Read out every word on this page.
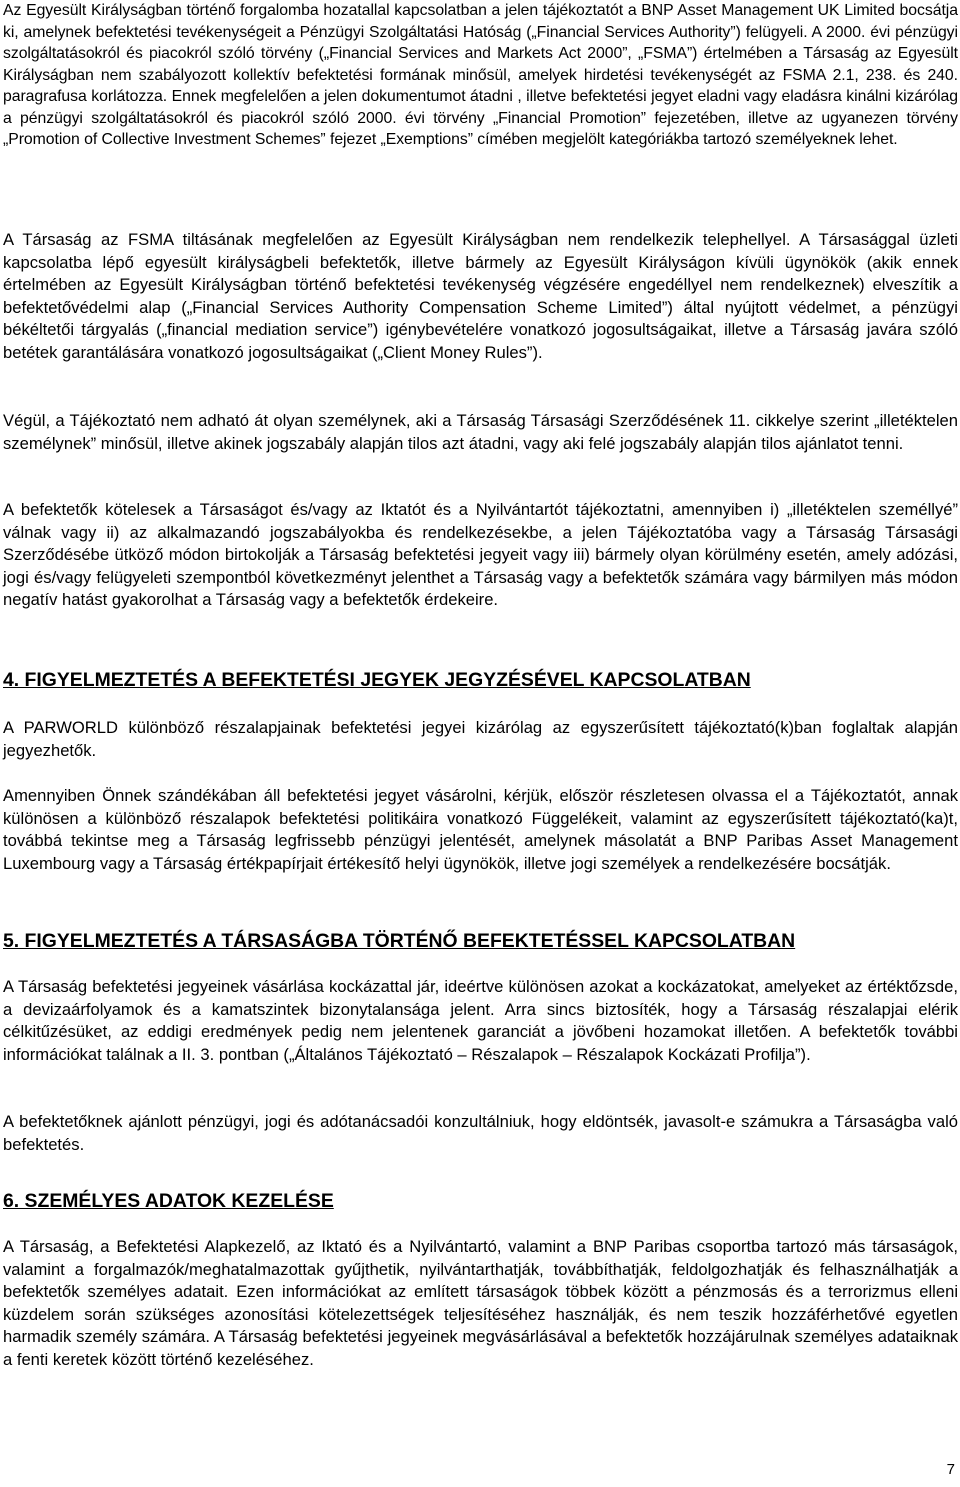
Az Egyesült Királyságban történő forgalomba hozatallal kapcsolatban a jelen tájékoztatót a BNP Asset Management UK Limited bocsátja ki, amelynek befektetési tevékenységeit a Pénzügyi Szolgáltatási Hatóság („Financial Services Authority”) felügyeli. A 2000. évi pénzügyi szolgáltatásokról és piacokról szóló törvény („Financial Services and Markets Act 2000”, „FSMA”) értelmében a Társaság az Egyesült Királyságban nem szabályozott kollektív befektetési formának minősül, amelyek hirdetési tevékenységét az FSMA 2.1, 238. és 240. paragrafusa korlátozza. Ennek megfelelően a jelen dokumentumot átadni , illetve befektetési jegyet eladni vagy eladásra kinálni kizárólag a pénzügyi szolgáltatásokról és piacokról szóló 2000. évi törvény „Financial Promotion” fejezetében, illetve az ugyanezen törvény „Promotion of Collective Investment Schemes” fejezet „Exemptions” címében megjelölt kategóriákba tartozó személyeknek lehet.

A Társaság az FSMA tiltásának megfelelően az Egyesült Királyságban nem rendelkezik telephellyel. A Társasággal üzleti kapcsolatba lépő egyesült királyságbeli befektetők, illetve bármely az Egyesült Királyságon kívüli ügynökök (akik ennek értelmében az Egyesült Királyságban történő befektetési tevékenység végzésére engedéllyel nem rendelkeznek) elveszítik a befektetővédelmi alap („Financial Services Authority Compensation Scheme Limited”) által nyújtott védelmet, a pénzügyi békéltetői tárgyalás („financial mediation service”) igénybevételére vonatkozó jogosultságaikat, illetve a Társaság javára szóló betétek garantálására vonatkozó jogosultságaikat („Client Money Rules”).

Végül, a Tájékoztató nem adható át olyan személynek, aki a Társaság Társasági Szerződésének 11. cikkelye szerint „illetéktelen személynek” minősül, illetve akinek jogszabály alapján tilos azt átadni, vagy aki felé jogszabály alapján tilos ajánlatot tenni.

A befektetők kötelesek a Társaságot és/vagy az Iktatót és a Nyilvántartót tájékoztatni, amennyiben i) „illetéktelen személlyé” válnak vagy ii) az alkalmazandó jogszabályokba és rendelkezésekbe, a jelen Tájékoztatóba vagy a Társaság Társasági Szerződésébe ütköző módon birtokolják a Társaság befektetési jegyeit vagy iii) bármely olyan körülmény esetén, amely adózási, jogi és/vagy felügyeleti szempontból következményt jelenthet a Társaság vagy a befektetők számára vagy bármilyen más módon negatív hatást gyakorolhat a Társaság vagy a befektetők érdekeire.

4. FIGYELMEZTETÉS A BEFEKTETÉSI JEGYEK JEGYZÉSÉVEL KAPCSOLATBAN

A PARWORLD különböző részalapjainak befektetési jegyei kizárólag az egyszerűsített tájékoztató(k)ban foglaltak alapján jegyezhetők.

Amennyiben Önnek szándékában áll befektetési jegyet vásárolni, kérjük, először részletesen olvassa el a Tájékoztatót, annak különösen a különböző részalapok befektetési politikáira vonatkozó Függelékeit, valamint az egyszerűsített tájékoztató(ka)t, továbbá tekintse meg a Társaság legfrissebb pénzügyi jelentését, amelynek másolatát a BNP Paribas Asset Management Luxembourg vagy a Társaság értékpapírjait értékesítő helyi ügynökök, illetve jogi személyek a rendelkezésére bocsátják.

5. FIGYELMEZTETÉS A TÁRSASÁGBA TÖRTÉNŐ BEFEKTETÉSSEL KAPCSOLATBAN

A Társaság befektetési jegyeinek vásárlása kockázattal jár, ideértve különösen azokat a kockázatokat, amelyeket az értéktőzsde, a devizaárfolyamok és a kamatszintek bizonytalansága jelent. Arra sincs biztosíték, hogy a Társaság részalapjai elérik célkitűzésüket, az eddigi eredmények pedig nem jelentenek garanciát a jövőbeni hozamokat illetően. A befektetők további információkat találnak a II. 3. pontban („Általános Tájékoztató – Részalapok – Részalapok Kockázati Profilja”).

A befektetőknek ajánlott pénzügyi, jogi és adótanácsadói konzultálniuk, hogy eldöntsék, javasolt-e számukra a Társaságba való befektetés.

6. SZEMÉLYES ADATOK KEZELÉSE

A Társaság, a Befektetési Alapkezelő, az Iktató és a Nyilvántartó, valamint a BNP Paribas csoportba tartozó más társaságok, valamint a forgalmazók/meghatalmazottak gyűjthetik, nyilvántarthatják, továbbíthatják, feldolgozhatják és felhasználhatják a befektetők személyes adatait. Ezen információkat az említett társaságok többek között a pénzmosás és a terrorizmus elleni küzdelem során szükséges azonosítási kötelezettségek teljesítéséhez használják, és nem teszik hozzáférhetővé egyetlen harmadik személy számára. A Társaság befektetési jegyeinek megvásárlásával a befektetők hozzájárulnak személyes adataiknak a fenti keretek között történő kezeléséhez.

7
